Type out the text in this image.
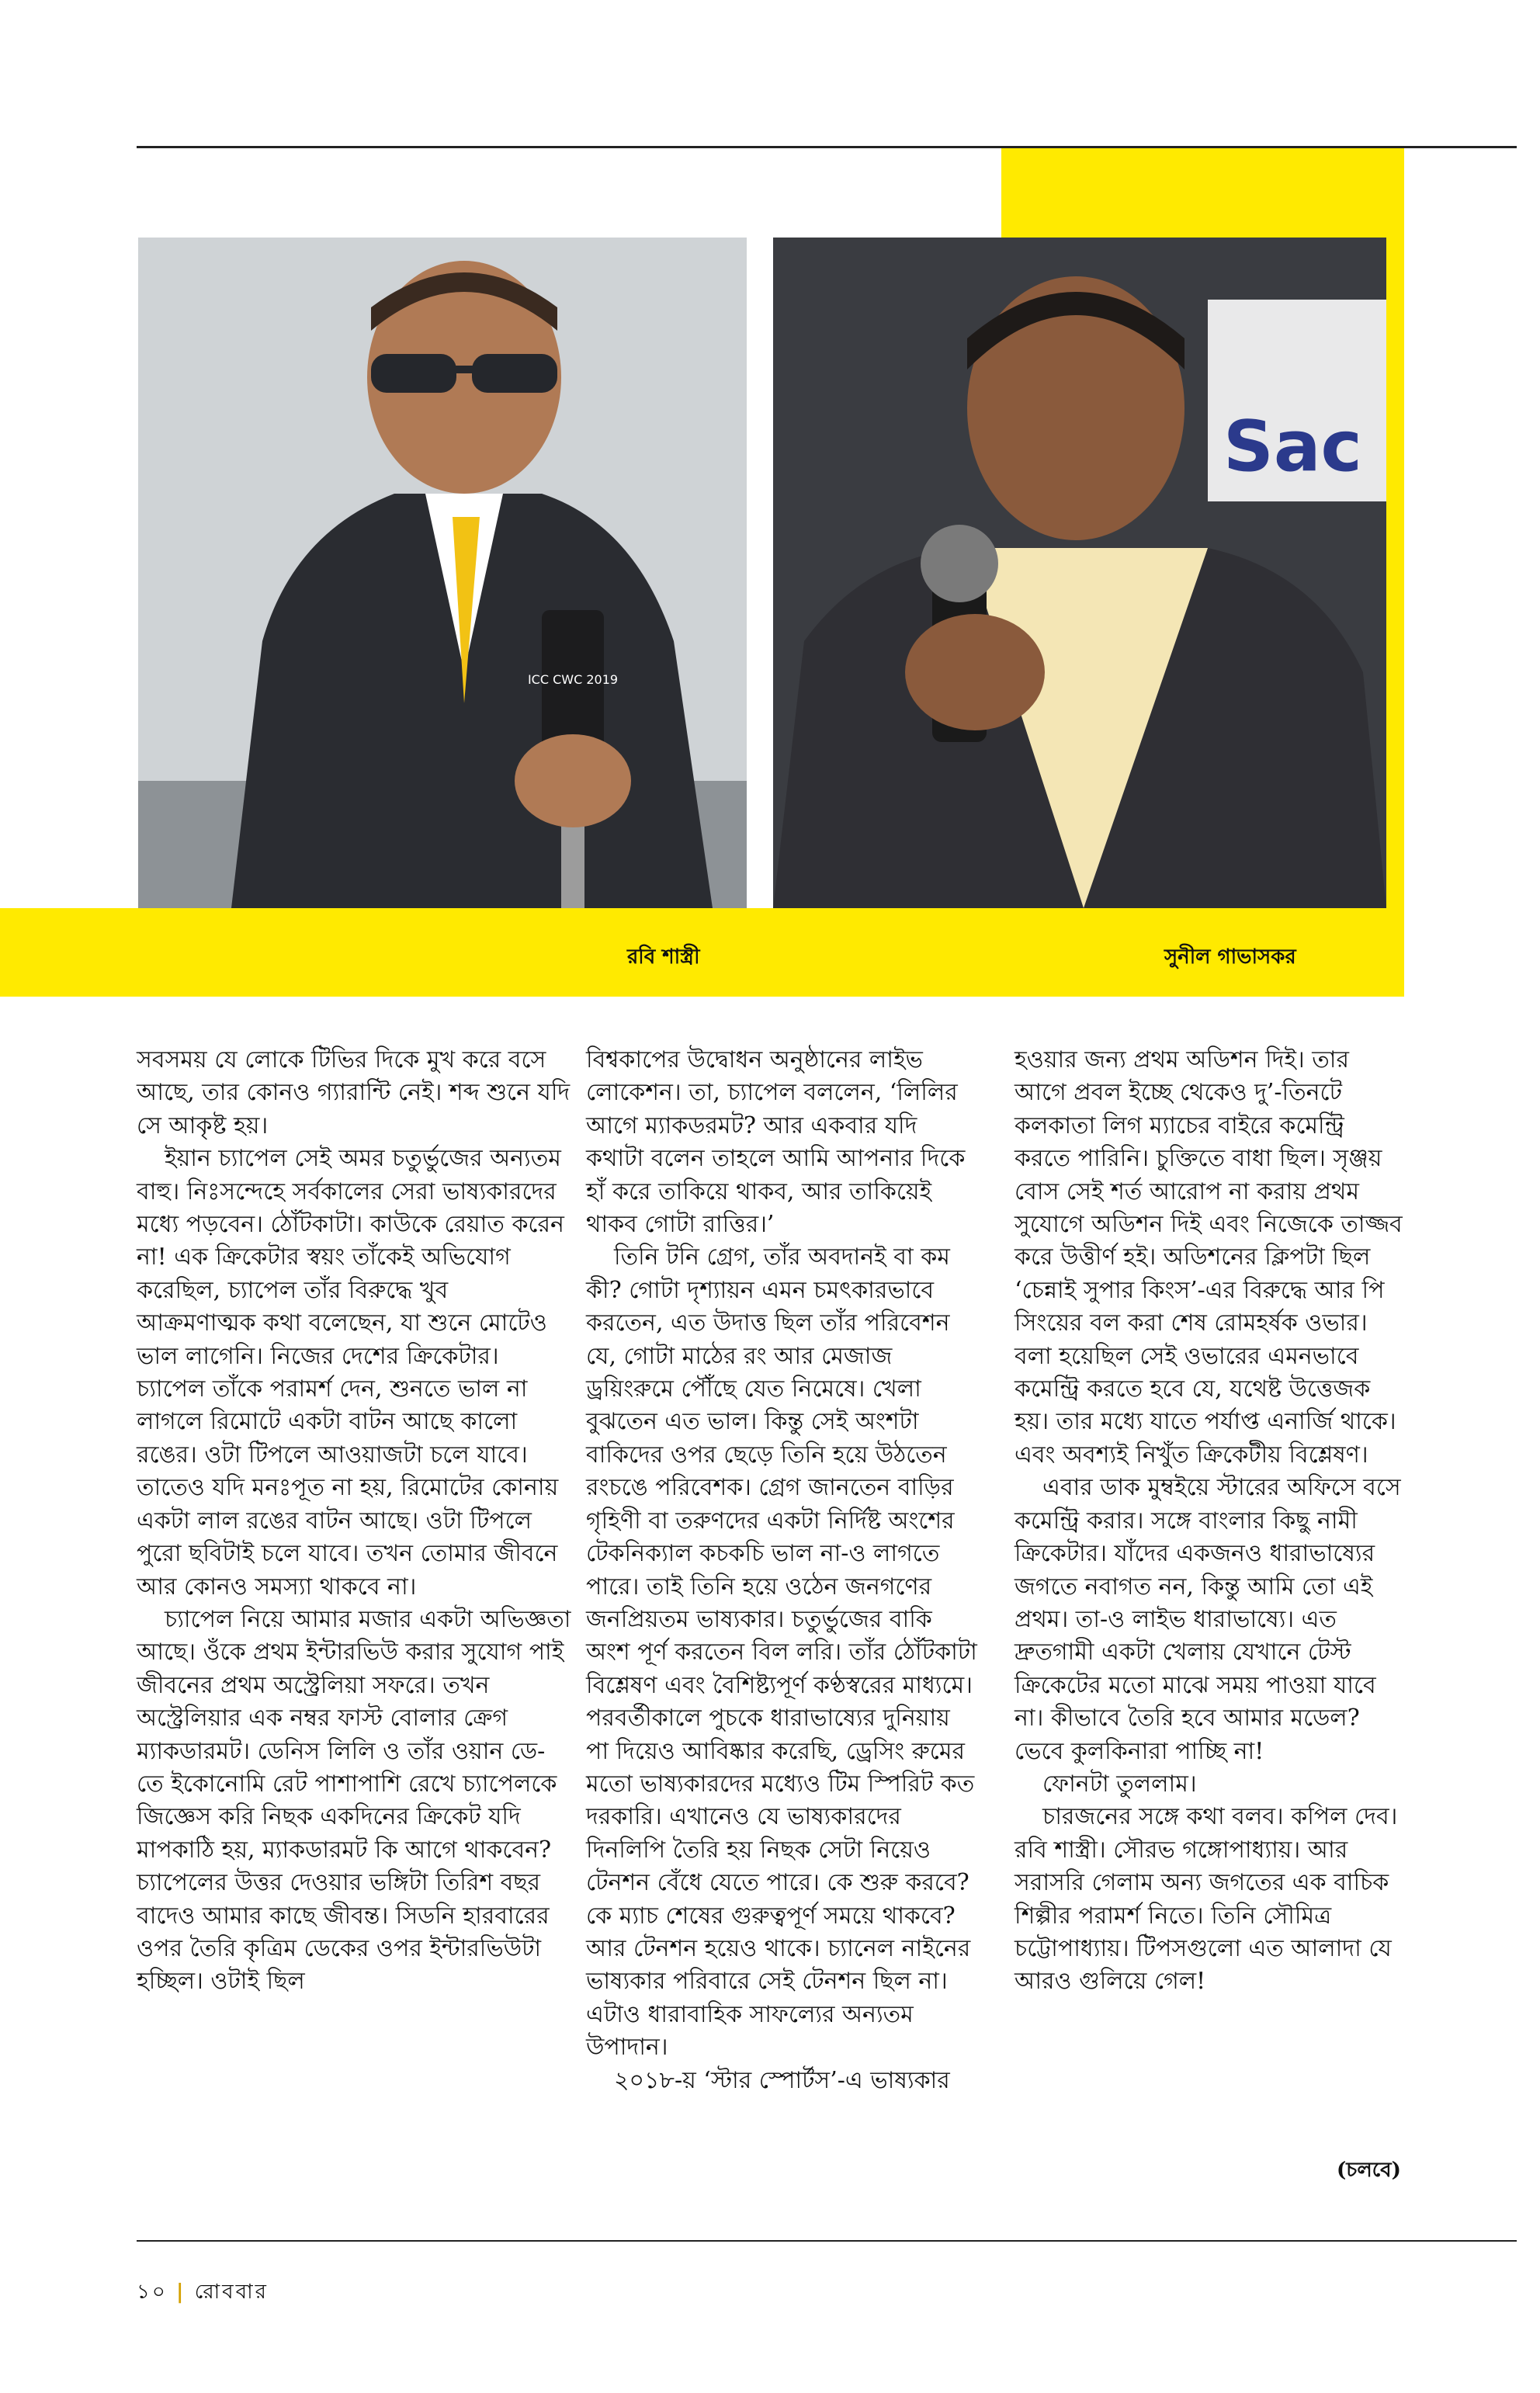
ICC CWC 2019
Sac
রবি শাস্ত্রী	সুনীল গাভাসকর

সবসময় যে লোকে টিভির দিকে মুখ করে বসে আছে, তার কোনও গ্যারান্টি নেই। শব্দ শুনে যদি সে আকৃষ্ট হয়।

ইয়ান চ্যাপেল সেই অমর চতুর্ভুজের অন্যতম বাহু। নিঃসন্দেহে সর্বকালের সেরা ভাষ্যকারদের মধ্যে পড়বেন। ঠোঁটকাটা। কাউকে রেয়াত করেন না! এক ক্রিকেটার স্বয়ং তাঁকেই অভিযোগ করেছিল, চ্যাপেল তাঁর বিরুদ্ধে খুব আক্রমণাত্মক কথা বলেছেন, যা শুনে মোটেও ভাল লাগেনি। নিজের দেশের ক্রিকেটার। চ্যাপেল তাঁকে পরামর্শ দেন, শুনতে ভাল না লাগলে রিমোটে একটা বাটন আছে কালো রঙের। ওটা টিপলে আওয়াজটা চলে যাবে। তাতেও যদি মনঃপূত না হয়, রিমোটের কোনায় একটা লাল রঙের বাটন আছে। ওটা টিপলে পুরো ছবিটাই চলে যাবে। তখন তোমার জীবনে আর কোনও সমস্যা থাকবে না।

চ্যাপেল নিয়ে আমার মজার একটা অভিজ্ঞতা আছে। ওঁকে প্রথম ইন্টারভিউ করার সুযোগ পাই জীবনের প্রথম অস্ট্রেলিয়া সফরে। তখন অস্ট্রেলিয়ার এক নম্বর ফাস্ট বোলার ক্রেগ ম্যাকডারমট। ডেনিস লিলি ও তাঁর ওয়ান ডে-তে ইকোনোমি রেট পাশাপাশি রেখে চ্যাপেলকে জিজ্ঞেস করি নিছক একদিনের ক্রিকেট যদি মাপকাঠি হয়, ম্যাকডারমট কি আগে থাকবেন? চ্যাপেলের উত্তর দেওয়ার ভঙ্গিটা তিরিশ বছর বাদেও আমার কাছে জীবন্ত। সিডনি হারবারের ওপর তৈরি কৃত্রিম ডেকের ওপর ইন্টারভিউটা হচ্ছিল। ওটাই ছিল

বিশ্বকাপের উদ্বোধন অনুষ্ঠানের লাইভ লোকেশন। তা, চ্যাপেল বললেন, ‘লিলির আগে ম্যাকডরমট? আর একবার যদি কথাটা বলেন তাহলে আমি আপনার দিকে হাঁ করে তাকিয়ে থাকব, আর তাকিয়েই থাকব গোটা রাত্তির।’

তিনি টনি গ্রেগ, তাঁর অবদানই বা কম কী? গোটা দৃশ্যায়ন এমন চমৎকারভাবে করতেন, এত উদাত্ত ছিল তাঁর পরিবেশন যে, গোটা মাঠের রং আর মেজাজ ড্রয়িংরুমে পৌঁছে যেত নিমেষে। খেলা বুঝতেন এত ভাল। কিন্তু সেই অংশটা বাকিদের ওপর ছেড়ে তিনি হয়ে উঠতেন রংচঙে পরিবেশক। গ্রেগ জানতেন বাড়ির গৃহিণী বা তরুণদের একটা নির্দিষ্ট অংশের টেকনিক্যাল কচকচি ভাল না-ও লাগতে পারে। তাই তিনি হয়ে ওঠেন জনগণের জনপ্রিয়তম ভাষ্যকার। চতুর্ভুজের বাকি অংশ পূর্ণ করতেন বিল লরি। তাঁর ঠোঁটকাটা বিশ্লেষণ এবং বৈশিষ্ট্যপূর্ণ কণ্ঠস্বরের মাধ্যমে। পরবর্তীকালে পুচকে ধারাভাষ্যের দুনিয়ায় পা দিয়েও আবিষ্কার করেছি, ড্রেসিং রুমের মতো ভাষ্যকারদের মধ্যেও টিম স্পিরিট কত দরকারি। এখানেও যে ভাষ্যকারদের দিনলিপি তৈরি হয় নিছক সেটা নিয়েও টেনশন বেঁধে যেতে পারে। কে শুরু করবে? কে ম্যাচ শেষের গুরুত্বপূর্ণ সময়ে থাকবে? আর টেনশন হয়েও থাকে। চ্যানেল নাইনের ভাষ্যকার পরিবারে সেই টেনশন ছিল না। এটাও ধারাবাহিক সাফল্যের অন্যতম উপাদান।

২০১৮-য় ‘স্টার স্পোর্টস’-এ ভাষ্যকার

হওয়ার জন্য প্রথম অডিশন দিই। তার আগে প্রবল ইচ্ছে থেকেও দু’-তিনটে কলকাতা লিগ ম্যাচের বাইরে কমেন্ট্রি করতে পারিনি। চুক্তিতে বাধা ছিল। সৃঞ্জয় বোস সেই শর্ত আরোপ না করায় প্রথম সুযোগে অডিশন দিই এবং নিজেকে তাজ্জব করে উত্তীর্ণ হই। অডিশনের ক্লিপটা ছিল ‘চেন্নাই সুপার কিংস’-এর বিরুদ্ধে আর পি সিংয়ের বল করা শেষ রোমহর্ষক ওভার। বলা হয়েছিল সেই ওভারের এমনভাবে কমেন্ট্রি করতে হবে যে, যথেষ্ট উত্তেজক হয়। তার মধ্যে যাতে পর্যাপ্ত এনার্জি থাকে। এবং অবশ্যই নিখুঁত ক্রিকেটীয় বিশ্লেষণ।

এবার ডাক মুম্বইয়ে স্টারের অফিসে বসে কমেন্ট্রি করার। সঙ্গে বাংলার কিছু নামী ক্রিকেটার। যাঁদের একজনও ধারাভাষ্যের জগতে নবাগত নন, কিন্তু আমি তো এই প্রথম। তা-ও লাইভ ধারাভাষ্যে। এত দ্রুতগামী একটা খেলায় যেখানে টেস্ট ক্রিকেটের মতো মাঝে সময় পাওয়া যাবে না। কীভাবে তৈরি হবে আমার মডেল? ভেবে কুলকিনারা পাচ্ছি না!

ফোনটা তুললাম।

চারজনের সঙ্গে কথা বলব। কপিল দেব। রবি শাস্ত্রী। সৌরভ গঙ্গোপাধ্যায়। আর সরাসরি গেলাম অন্য জগতের এক বাচিক শিল্পীর পরামর্শ নিতে। তিনি সৌমিত্র চট্টোপাধ্যায়। টিপসগুলো এত আলাদা যে আরও গুলিয়ে গেল!

(চলবে)
১০ | রোববার
